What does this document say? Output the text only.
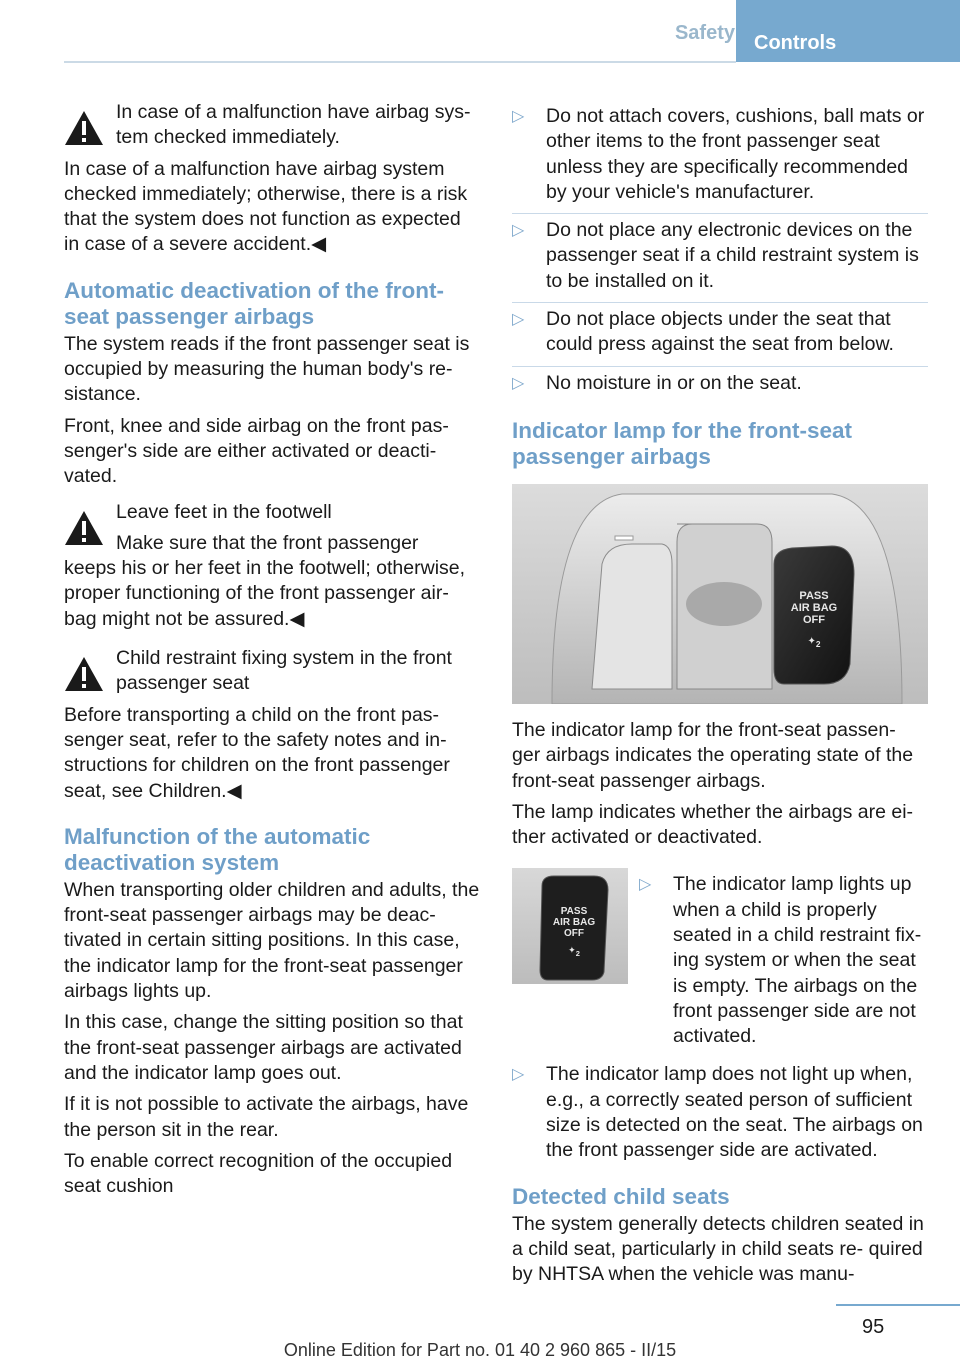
Safety Controls

In case of a malfunction have airbag sys‐ tem checked immediately.

In case of a malfunction have airbag system checked immediately; otherwise, there is a risk that the system does not function as expected in case of a severe accident.◀

Automatic deactivation of the front- seat passenger airbags

The system reads if the front passenger seat is occupied by measuring the human body's re‐ sistance.

Front, knee and side airbag on the front pas‐ senger's side are either activated or deacti‐ vated.

Leave feet in the footwell

Make sure that the front passenger

keeps his or her feet in the footwell; otherwise, proper functioning of the front passenger air‐ bag might not be assured.◀

Child restraint fixing system in the front passenger seat

Before transporting a child on the front pas‐ senger seat, refer to the safety notes and in‐ structions for children on the front passenger seat, see Children.◀

Malfunction of the automatic deactivation system

When transporting older children and adults, the front-seat passenger airbags may be deac‐ tivated in certain sitting positions. In this case, the indicator lamp for the front-seat passenger airbags lights up.

In this case, change the sitting position so that the front-seat passenger airbags are activated and the indicator lamp goes out.

If it is not possible to activate the airbags, have the person sit in the rear.

To enable correct recognition of the occupied seat cushion

▷ Do not attach covers, cushions, ball mats or other items to the front passenger seat unless they are specifically recommended by your vehicle's manufacturer.
▷ Do not place any electronic devices on the passenger seat if a child restraint system is to be installed on it.
▷ Do not place objects under the seat that could press against the seat from below.
▷ No moisture in or on the seat.
Indicator lamp for the front-seat passenger airbags
PASS
AIR BAG
OFF
$✦_2$

The indicator lamp for the front-seat passen‐ ger airbags indicates the operating state of the front-seat passenger airbags.

The lamp indicates whether the airbags are ei‐ ther activated or deactivated.

PASS
AIR BAG
OFF
$✦_2$
▷ The indicator lamp lights up when a child is properly seated in a child restraint fix‐ ing system or when the seat is empty. The airbags on the front passenger side are not activated.
▷ The indicator lamp does not light up when, e.g., a correctly seated person of sufficient size is detected on the seat. The airbags on the front passenger side are activated.
Detected child seats

The system generally detects children seated in a child seat, particularly in child seats re‐ quired by NHTSA when the vehicle was manu‐

95
Online Edition for Part no. 01 40 2 960 865 - II/15
